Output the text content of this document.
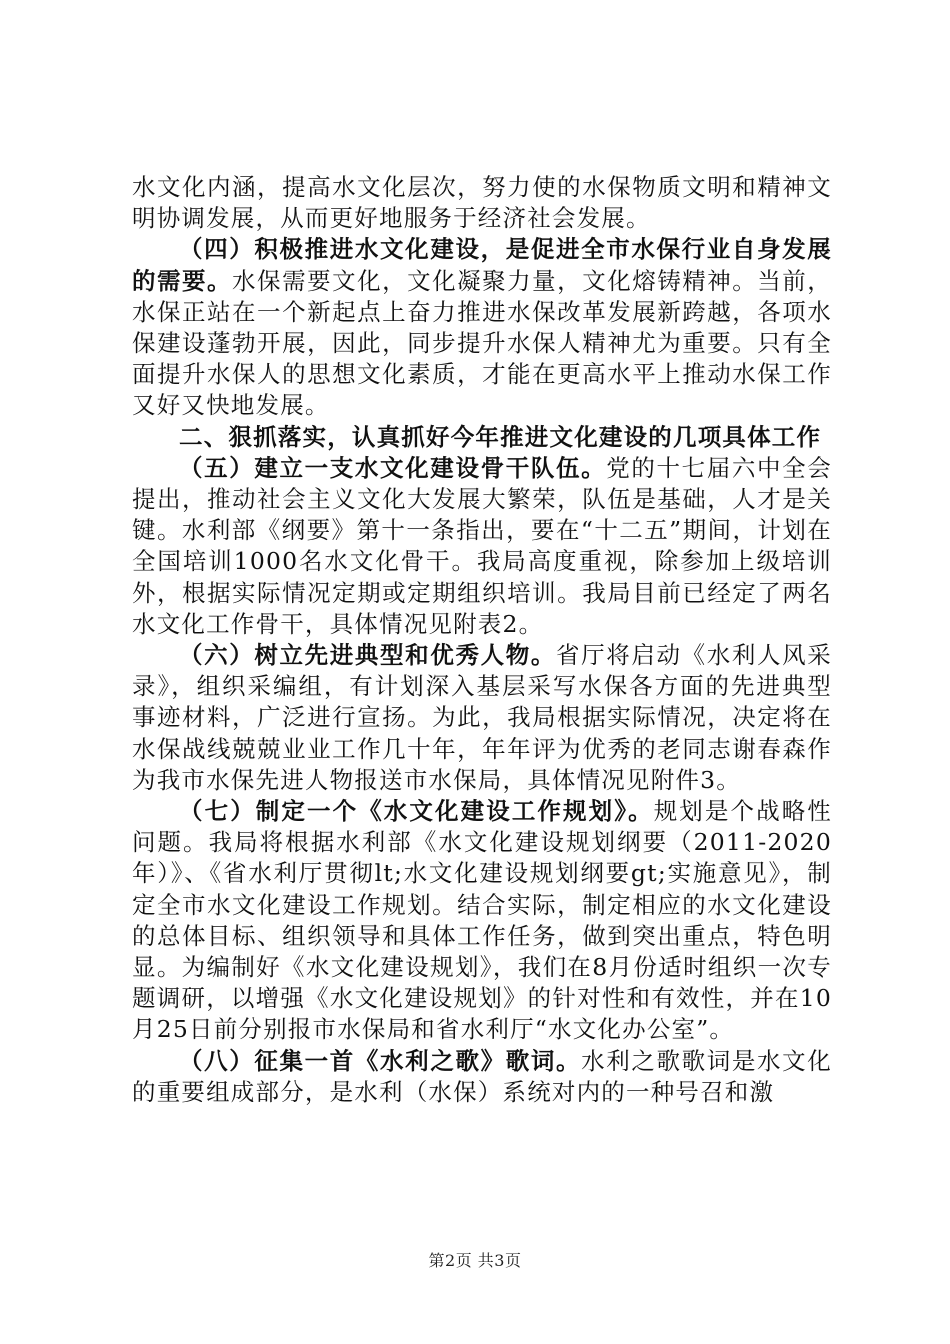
水文化内涵，提高水文化层次，努力使的水保物质文明和精神文明协调发展，从而更好地服务于经济社会发展。

（四）积极推进水文化建设，是促进全市水保行业自身发展的需要。水保需要文化，文化凝聚力量，文化熔铸精神。当前，水保正站在一个新起点上奋力推进水保改革发展新跨越，各项水保建设蓬勃开展，因此，同步提升水保人精神尤为重要。只有全面提升水保人的思想文化素质，才能在更高水平上推动水保工作又好又快地发展。

二、狠抓落实，认真抓好今年推进文化建设的几项具体工作

（五）建立一支水文化建设骨干队伍。党的十七届六中全会提出，推动社会主义文化大发展大繁荣，队伍是基础，人才是关键。水利部《纲要》第十一条指出，要在“十二五”期间，计划在全国培训1000名水文化骨干。我局高度重视，除参加上级培训外，根据实际情况定期或定期组织培训。我局目前已经定了两名水文化工作骨干，具体情况见附表2。

（六）树立先进典型和优秀人物。省厅将启动《水利人风采录》，组织采编组，有计划深入基层采写水保各方面的先进典型事迹材料，广泛进行宣扬。为此，我局根据实际情况，决定将在水保战线兢兢业业工作几十年，年年评为优秀的老同志谢春森作为我市水保先进人物报送市水保局，具体情况见附件3。

（七）制定一个《水文化建设工作规划》。规划是个战略性问题。我局将根据水利部《水文化建设规划纲要（2011-2020年）》、《省水利厅贯彻lt;水文化建设规划纲要gt;实施意见》，制定全市水文化建设工作规划。结合实际，制定相应的水文化建设的总体目标、组织领导和具体工作任务，做到突出重点，特色明显。为编制好《水文化建设规划》，我们在8月份适时组织一次专题调研，以增强《水文化建设规划》的针对性和有效性，并在10月25日前分别报市水保局和省水利厅“水文化办公室”。

（八）征集一首《水利之歌》歌词。水利之歌歌词是水文化的重要组成部分，是水利（水保）系统对内的一种号召和激

第2页 共3页
